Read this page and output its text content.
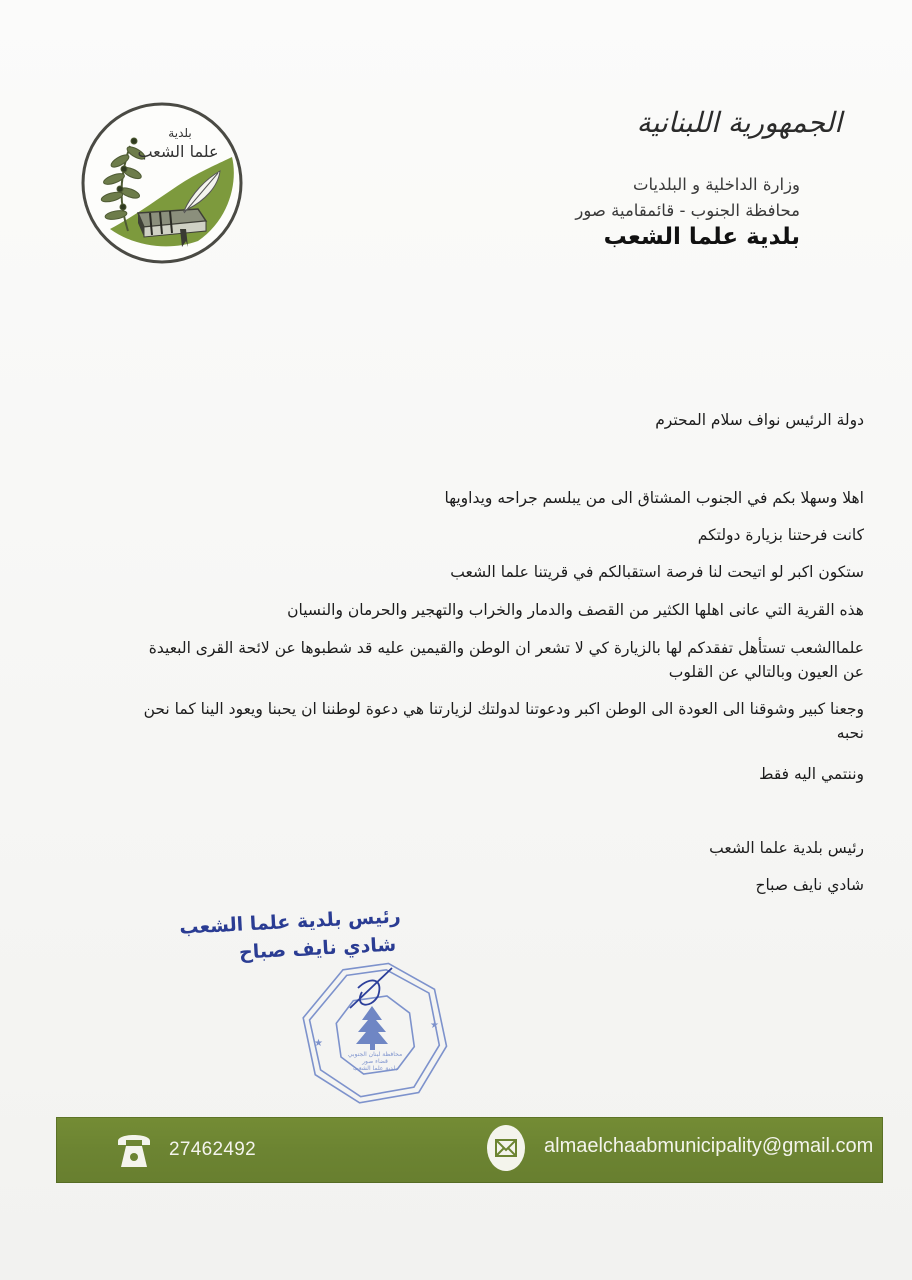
بلدية
علما الشعب
الجمهورية اللبنانية
وزارة الداخلية و البلديات
محافظة الجنوب - قائمقامية صور
بلدية علما الشعب
دولة الرئيس نواف سلام المحترم
اهلا وسهلا بكم في الجنوب المشتاق الى من يبلسم جراحه ويداويها
كانت فرحتنا بزيارة دولتكم
ستكون اكبر لو اتيحت لنا فرصة استقبالكم في قريتنا علما الشعب
هذه القرية التي عانى اهلها الكثير من القصف والدمار والخراب والتهجير والحرمان والنسيان
علماالشعب تستأهل تفقدكم لها بالزيارة كي لا تشعر ان الوطن والقيمين عليه قد شطبوها عن لائحة القرى البعيدة عن العيون وبالتالي عن القلوب
وجعنا كبير وشوقنا الى العودة الى الوطن اكبر ودعوتنا لدولتك لزيارتنا هي دعوة لوطننا ان يحبنا ويعود الينا كما نحن نحبه
وننتمي اليه فقط
رئيس بلدية علما الشعب
شادي نايف صباح
رئيس بلدية علما الشعب
شادي نايف صباح
محافظة لبنان الجنوبي
قضاء صور
بلدية علما الشعب
★
★
27462492	almaelchaabmunicipality@gmail.com
